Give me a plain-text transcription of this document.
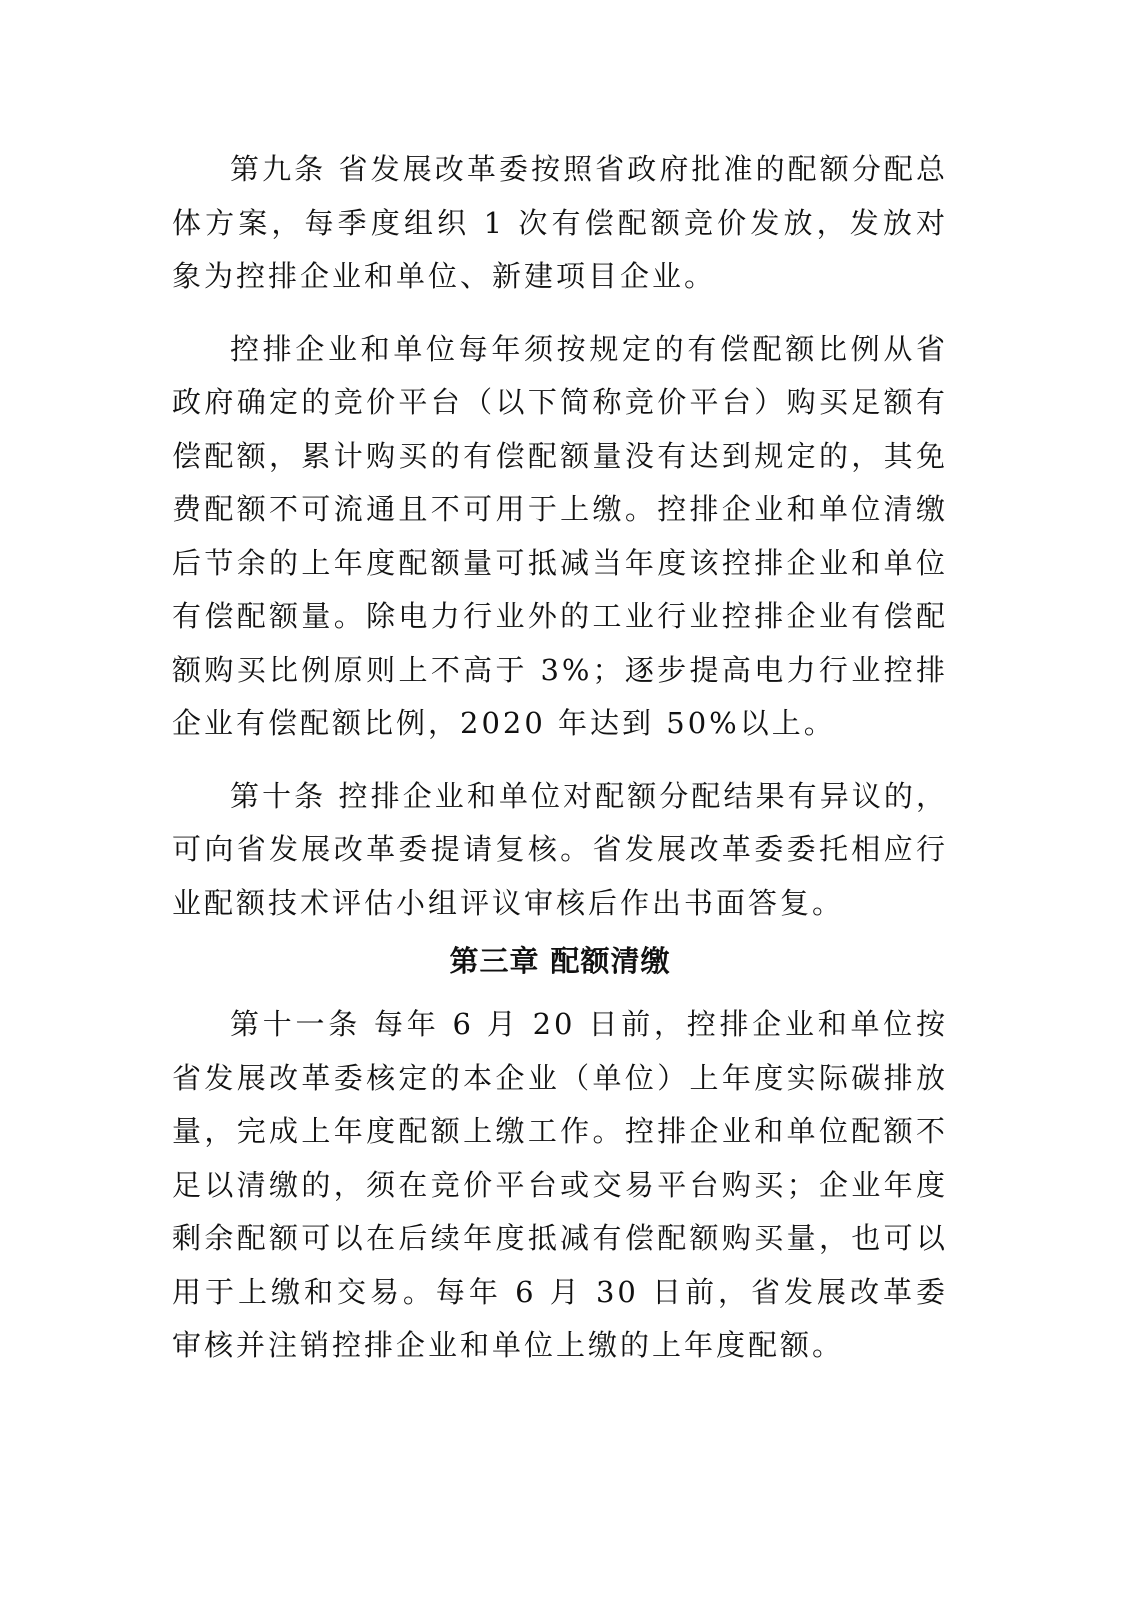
第九条 省发展改革委按照省政府批准的配额分配总体方案，每季度组织 1 次有偿配额竞价发放，发放对象为控排企业和单位、新建项目企业。

控排企业和单位每年须按规定的有偿配额比例从省政府确定的竞价平台（以下简称竞价平台）购买足额有偿配额，累计购买的有偿配额量没有达到规定的，其免费配额不可流通且不可用于上缴。控排企业和单位清缴后节余的上年度配额量可抵减当年度该控排企业和单位有偿配额量。除电力行业外的工业行业控排企业有偿配额购买比例原则上不高于 3%；逐步提高电力行业控排企业有偿配额比例，2020 年达到 50%以上。

第十条 控排企业和单位对配额分配结果有异议的，可向省发展改革委提请复核。省发展改革委委托相应行业配额技术评估小组评议审核后作出书面答复。

第三章 配额清缴

第十一条 每年 6 月 20 日前，控排企业和单位按省发展改革委核定的本企业（单位）上年度实际碳排放量，完成上年度配额上缴工作。控排企业和单位配额不足以清缴的，须在竞价平台或交易平台购买；企业年度剩余配额可以在后续年度抵减有偿配额购买量，也可以用于上缴和交易。每年 6 月 30 日前，省发展改革委审核并注销控排企业和单位上缴的上年度配额。
